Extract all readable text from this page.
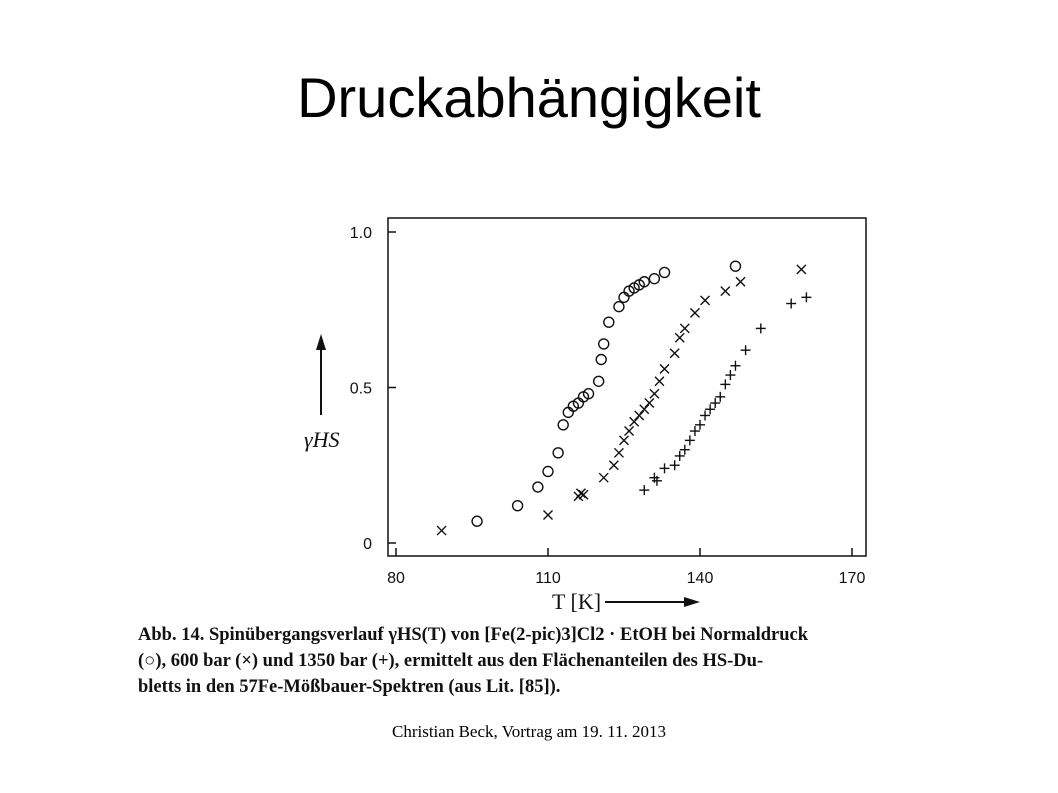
Druckabhängigkeit
0
0.5
1.0
80	110	140	170
γHS
T [K]
Abb. 14. Spinübergangsverlauf γHS(T) von [Fe(2-pic)3]Cl2 · EtOH bei Normaldruck
(○), 600 bar (×) und 1350 bar (+), ermittelt aus den Flächenanteilen des HS-Du-
bletts in den 57Fe-Mößbauer-Spektren (aus Lit. [85]).
Christian Beck, Vortrag am 19. 11. 2013
